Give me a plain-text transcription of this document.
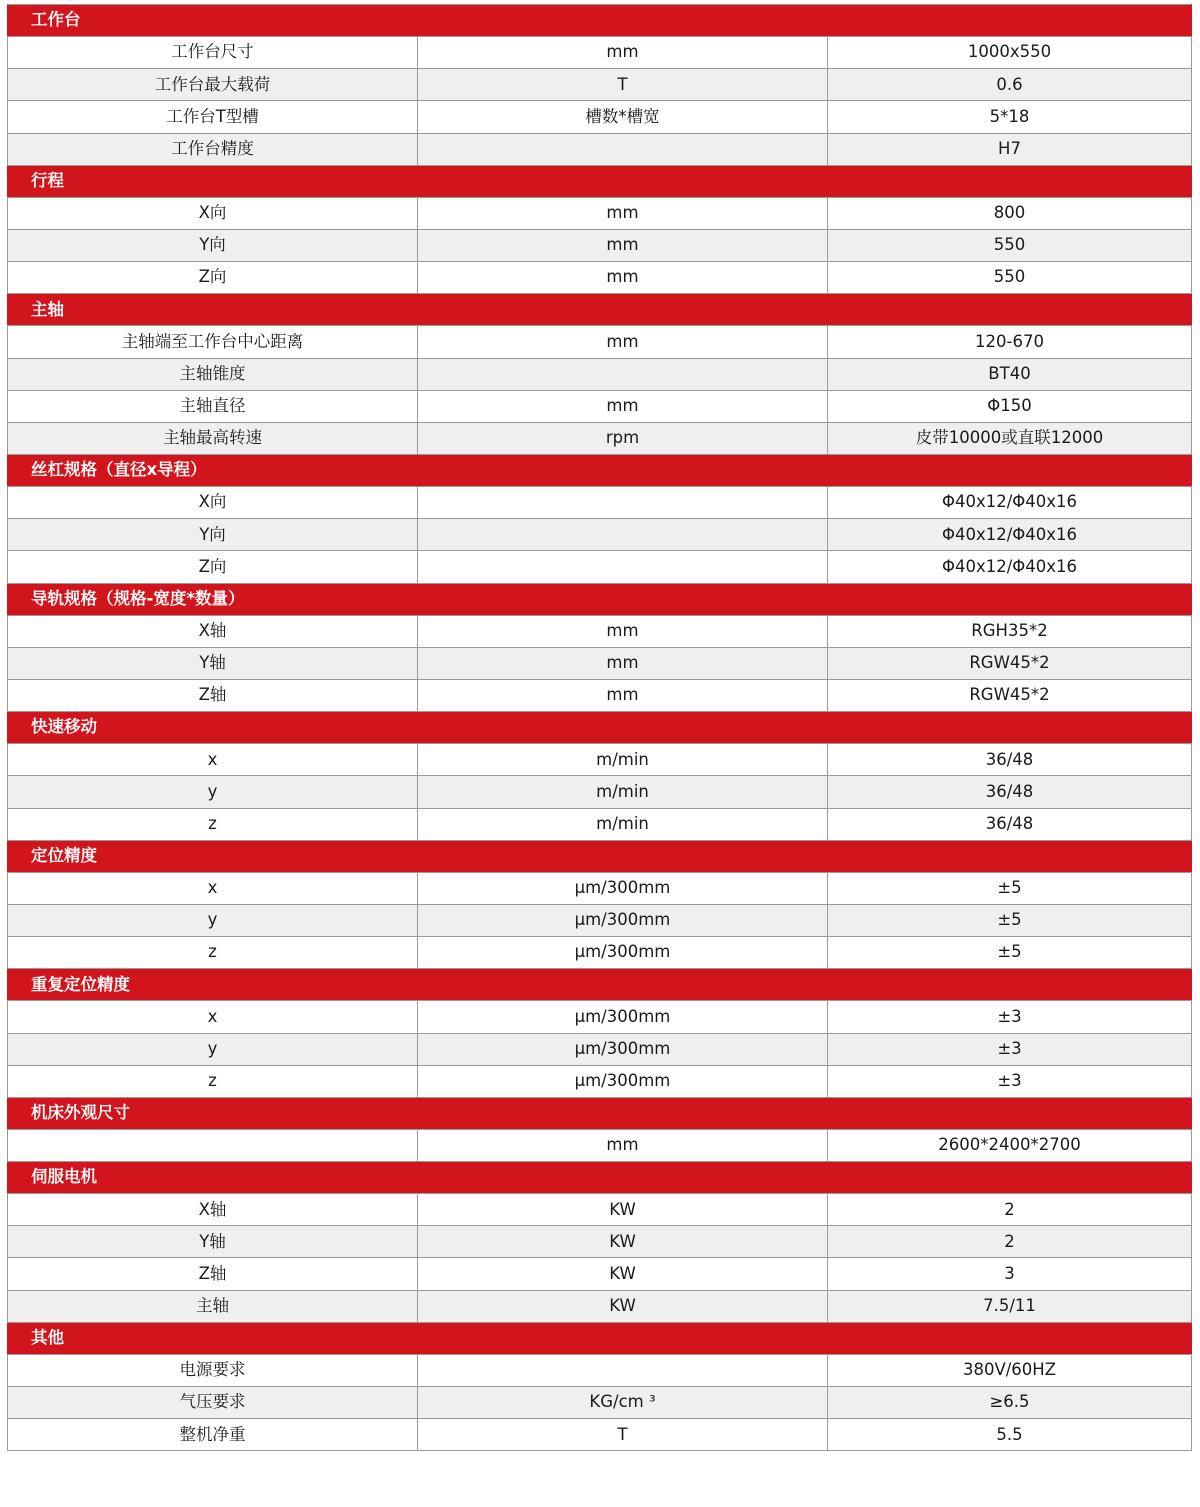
工作台		
工作台尺寸	mm	1000x550
工作台最大载荷	T	0.6
工作台T型槽	槽数*槽宽	5*18
工作台精度		H7
行程		
X向	mm	800
Y向	mm	550
Z向	mm	550
主轴		
主轴端至工作台中心距离	mm	120-670
主轴锥度		BT40
主轴直径	mm	Φ150
主轴最高转速	rpm	皮带10000或直联12000
丝杠规格（直径x导程）		
X向		Φ40x12/Φ40x16
Y向		Φ40x12/Φ40x16
Z向		Φ40x12/Φ40x16
导轨规格（规格-宽度*数量）		
X轴	mm	RGH35*2
Y轴	mm	RGW45*2
Z轴	mm	RGW45*2
快速移动		
x	m/min	36/48
y	m/min	36/48
z	m/min	36/48
定位精度		
x	μm/300mm	±5
y	μm/300mm	±5
z	μm/300mm	±5
重复定位精度		
x	μm/300mm	±3
y	μm/300mm	±3
z	μm/300mm	±3
机床外观尺寸		
	mm	2600*2400*2700
伺服电机		
X轴	KW	2
Y轴	KW	2
Z轴	KW	3
主轴	KW	7.5/11
其他		
电源要求		380V/60HZ
气压要求	KG/cm ³	≥6.5
整机净重	T	5.5
